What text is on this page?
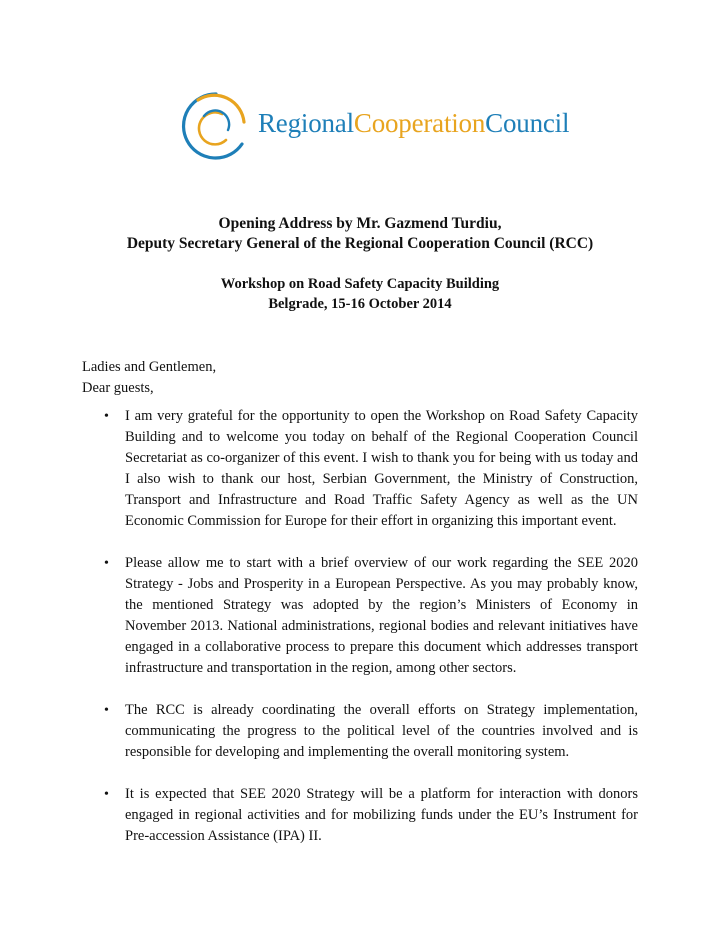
RegionalCooperationCouncil
Opening Address by Mr. Gazmend Turdiu,
Deputy Secretary General of the Regional Cooperation Council (RCC)
Workshop on Road Safety Capacity Building
Belgrade, 15-16 October 2014
Ladies and Gentlemen,
Dear guests,
• I am very grateful for the opportunity to open the Workshop on Road Safety Capacity Building and to welcome you today on behalf of the Regional Cooperation Council Secretariat as co-organizer of this event. I wish to thank you for being with us today and I also wish to thank our host, Serbian Government, the Ministry of Construction, Transport and Infrastructure and Road Traffic Safety Agency as well as the UN Economic Commission for Europe for their effort in organizing this important event.
• Please allow me to start with a brief overview of our work regarding the SEE 2020 Strategy - Jobs and Prosperity in a European Perspective. As you may probably know, the mentioned Strategy was adopted by the region’s Ministers of Economy in November 2013. National administrations, regional bodies and relevant initiatives have engaged in a collaborative process to prepare this document which addresses transport infrastructure and transportation in the region, among other sectors.
• The RCC is already coordinating the overall efforts on Strategy implementation, communicating the progress to the political level of the countries involved and is responsible for developing and implementing the overall monitoring system.
• It is expected that SEE 2020 Strategy will be a platform for interaction with donors engaged in regional activities and for mobilizing funds under the EU’s Instrument for Pre-accession Assistance (IPA) II.
